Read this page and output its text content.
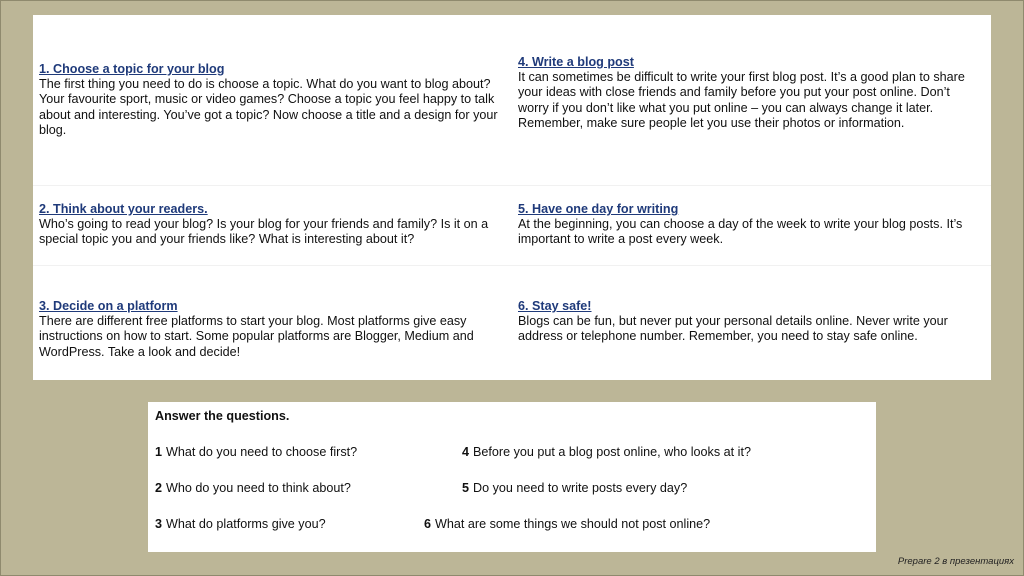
1. Choose a topic for your blog
The first thing you need to do is choose a topic. What do you want to blog about? Your favourite sport, music or video games? Choose a topic you feel happy to talk about and interesting. You’ve got a topic? Now choose a title and a design for your blog.
2. Think about your readers.
Who’s going to read your blog? Is your blog for your friends and family? Is it on a special topic you and your friends like? What is interesting about it?
3. Decide on a platform
There are different free platforms to start your blog. Most platforms give easy instructions on how to start. Some popular platforms are Blogger, Medium and WordPress. Take a look and decide!
4. Write a blog post
It can sometimes be difficult to write your first blog post. It’s a good plan to share your ideas with close friends and family before you put your post online. Don’t worry if you don’t like what you put online – you can always change it later. Remember, make sure people let you use their photos or information.
5. Have one day for writing
At the beginning, you can choose a day of the week to write your blog posts. It’s important to write a post every week.
6. Stay safe!
Blogs can be fun, but never put your personal details online. Never write your address or telephone number. Remember, you need to stay safe online.
Answer the questions.
1 What do you need to choose first?
2 Who do you need to think about?
3 What do platforms give you?
4 Before you put a blog post online, who looks at it?
5 Do you need to write posts every day?
6 What are some things we should not post online?
Prepare 2 в презентациях
